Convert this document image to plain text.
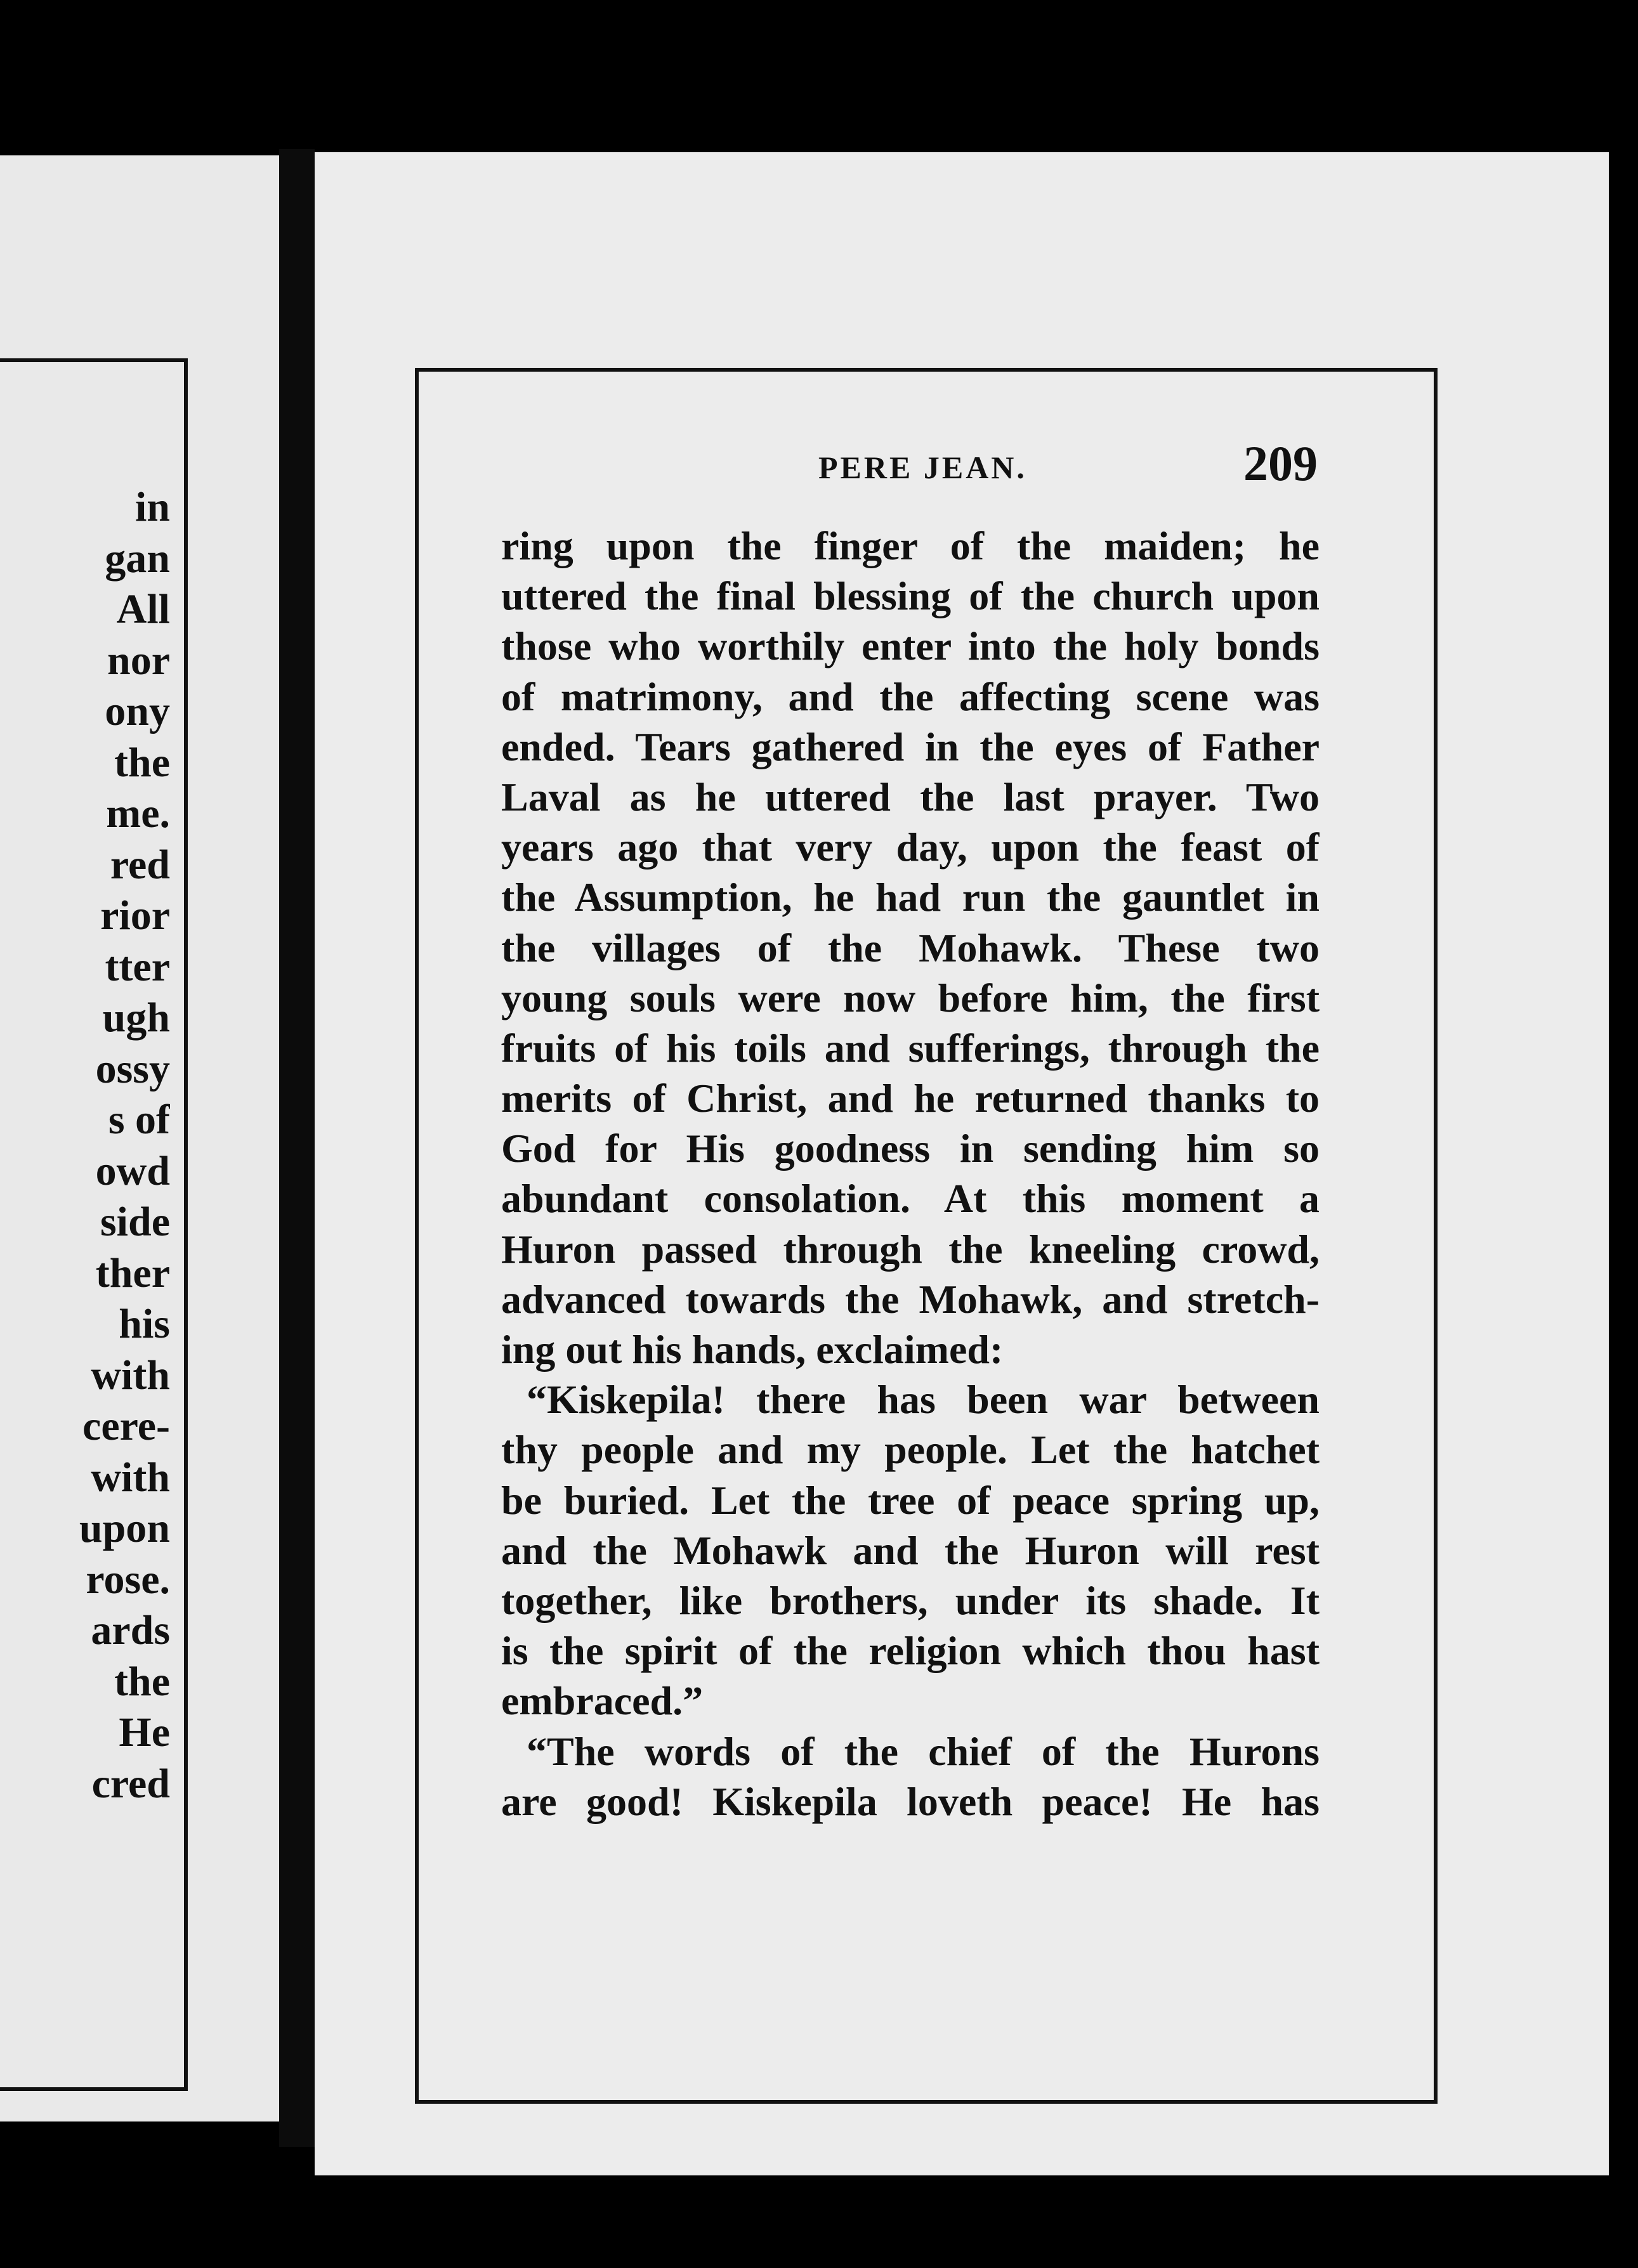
in
gan
All
nor
ony
the
me.
red
rior
tter
ugh
ossy
s of
owd
side
ther
his
with
cere-
with
upon
rose.
ards
the
He
cred
PERE JEAN.	209
ring upon the finger of the maiden; he
uttered the final blessing of the church upon
those who worthily enter into the holy bonds
of matrimony, and the affecting scene was
ended. Tears gathered in the eyes of Father
Laval as he uttered the last prayer. Two
years ago that very day, upon the feast of
the Assumption, he had run the gauntlet in
the villages of the Mohawk. These two
young souls were now before him, the first
fruits of his toils and sufferings, through the
merits of Christ, and he returned thanks to
God for His goodness in sending him so
abundant consolation. At this moment a
Huron passed through the kneeling crowd,
advanced towards the Mohawk, and stretch-
ing out his hands, exclaimed:
“Kiskepila! there has been war between
thy people and my people. Let the hatchet
be buried. Let the tree of peace spring up,
and the Mohawk and the Huron will rest
together, like brothers, under its shade. It
is the spirit of the religion which thou hast
embraced.”
“The words of the chief of the Hurons
are good! Kiskepila loveth peace! He has
